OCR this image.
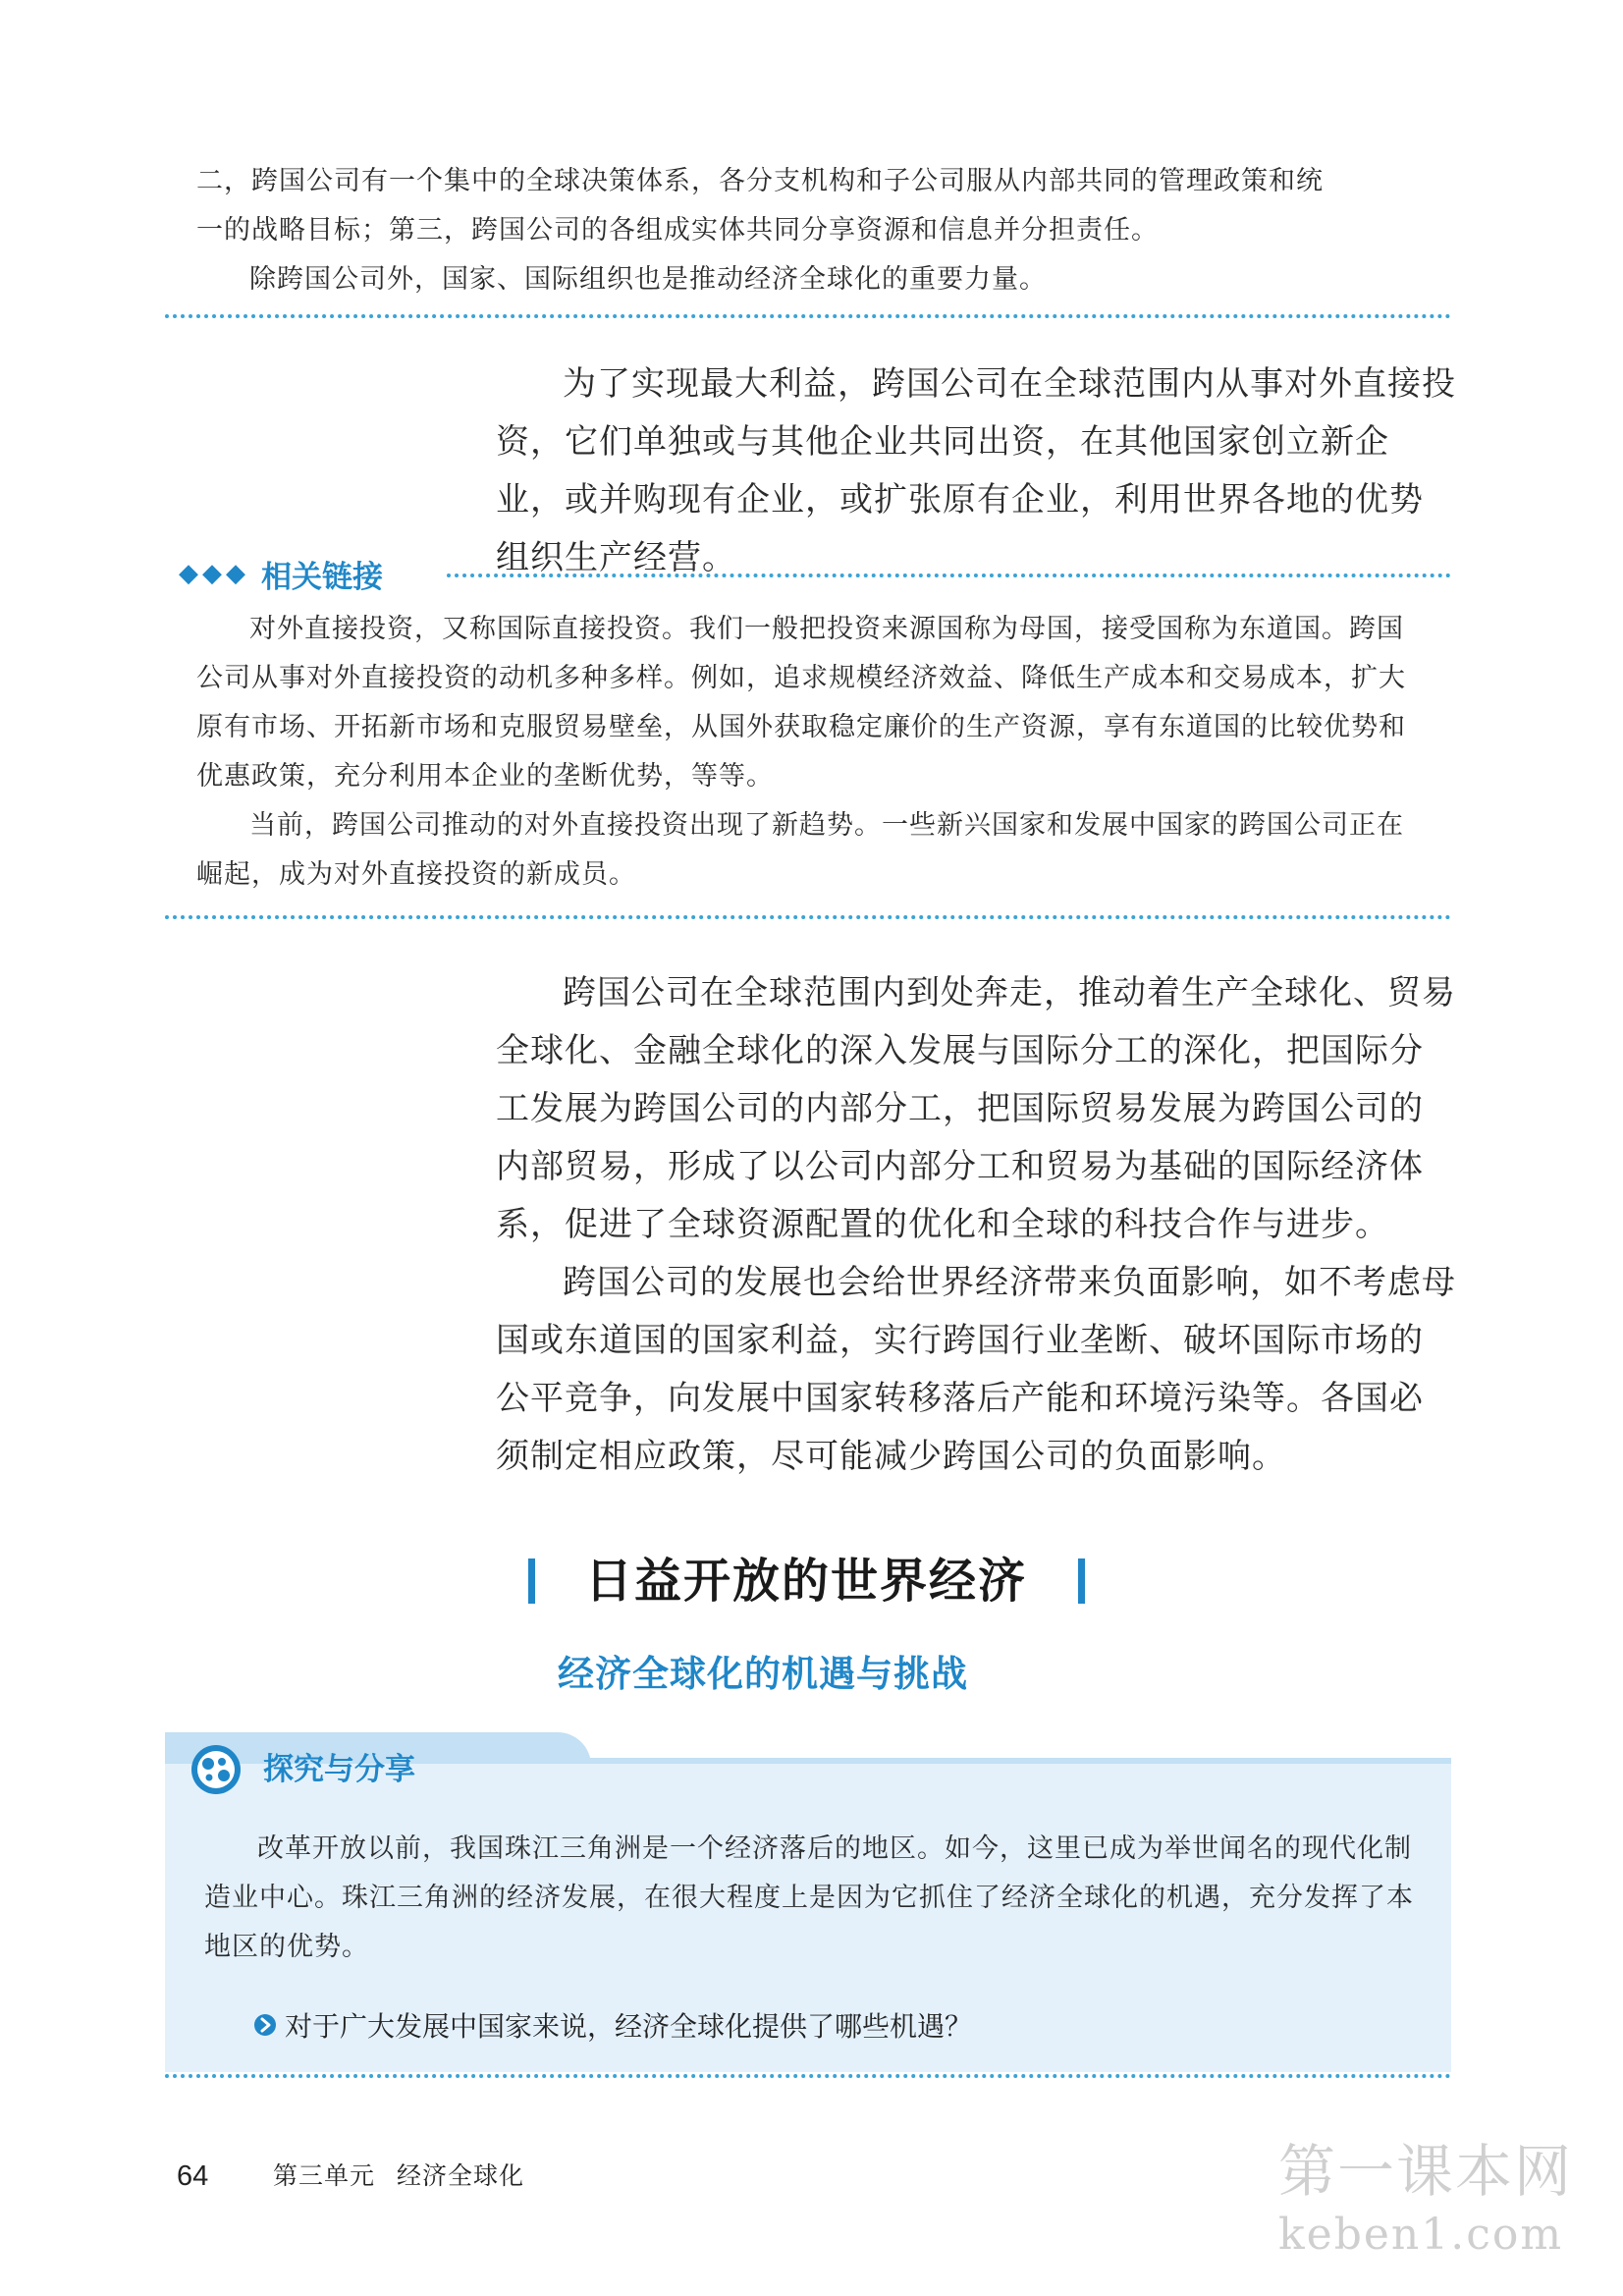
二，跨国公司有一个集中的全球决策体系，各分支机构和子公司服从内部共同的管理政策和统

一的战略目标；第三，跨国公司的各组成实体共同分享资源和信息并分担责任。

除跨国公司外，国家、国际组织也是推动经济全球化的重要力量。

为了实现最大利益，跨国公司在全球范围内从事对外直接投资，它们单独或与其他企业共同出资，在其他国家创立新企业，或并购现有企业，或扩张原有企业，利用世界各地的优势组织生产经营。

◆◆◆ 相关链接

对外直接投资，又称国际直接投资。我们一般把投资来源国称为母国，接受国称为东道国。跨国公司从事对外直接投资的动机多种多样。例如，追求规模经济效益、降低生产成本和交易成本，扩大原有市场、开拓新市场和克服贸易壁垒，从国外获取稳定廉价的生产资源，享有东道国的比较优势和优惠政策，充分利用本企业的垄断优势，等等。

当前，跨国公司推动的对外直接投资出现了新趋势。一些新兴国家和发展中国家的跨国公司正在崛起，成为对外直接投资的新成员。

跨国公司在全球范围内到处奔走，推动着生产全球化、贸易全球化、金融全球化的深入发展与国际分工的深化，把国际分工发展为跨国公司的内部分工，把国际贸易发展为跨国公司的内部贸易，形成了以公司内部分工和贸易为基础的国际经济体系，促进了全球资源配置的优化和全球的科技合作与进步。

跨国公司的发展也会给世界经济带来负面影响，如不考虑母国或东道国的国家利益，实行跨国行业垄断、破坏国际市场的公平竞争，向发展中国家转移落后产能和环境污染等。各国必须制定相应政策，尽可能减少跨国公司的负面影响。

日益开放的世界经济
经济全球化的机遇与挑战
探究与分享

改革开放以前，我国珠江三角洲是一个经济落后的地区。如今，这里已成为举世闻名的现代化制造业中心。珠江三角洲的经济发展，在很大程度上是因为它抓住了经济全球化的机遇，充分发挥了本地区的优势。

对于广大发展中国家来说，经济全球化提供了哪些机遇？
64	第三单元 经济全球化	第一课本网
keben1.com
